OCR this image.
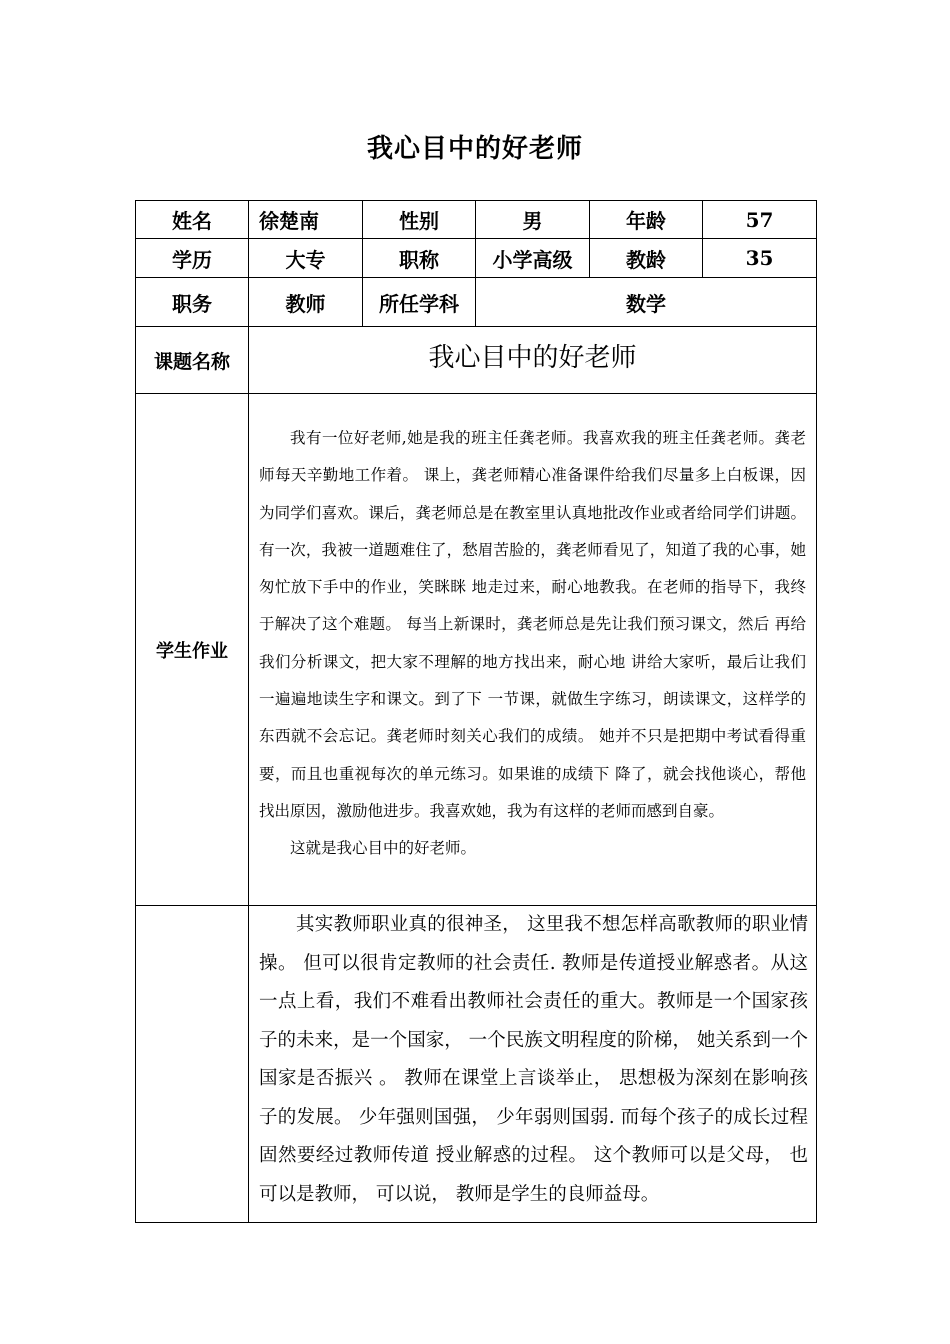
我心目中的好老师
姓名	徐楚南	性别	男	年龄	57
学历	大专	职称	小学高级	教龄	35
职务	教师	所任学科	数学		
课题名称	我心目中的好老师				
学生作业	我有一位好老师,她是我的班主任龚老师。我喜欢我的班主任龚老师。龚老师每天辛勤地工作着。 课上，龚老师精心准备课件给我们尽量多上白板课，因为同学们喜欢。课后，龚老师总是在教室里认真地批改作业或者给同学们讲题。有一次，我被一道题难住了，愁眉苦脸的，龚老师看见了，知道了我的心事，她匆忙放下手中的作业，笑眯眯 地走过来，耐心地教我。在老师的指导下，我终于解决了这个难题。 每当上新课时，龚老师总是先让我们预习课文，然后 再给我们分析课文，把大家不理解的地方找出来，耐心地 讲给大家听，最后让我们一遍遍地读生字和课文。到了下 一节课，就做生字练习，朗读课文，这样学的东西就不会忘记。龚老师时刻关心我们的成绩。 她并不只是把期中考试看得重要，而且也重视每次的单元练习。如果谁的成绩下 降了，就会找他谈心，帮他找出原因，激励他进步。我喜欢她，我为有这样的老师而感到自豪。

这就是我心目中的好老师。				

	其实教师职业真的很神圣， 这里我不想怎样高歌教师的职业情操。 但可以很肯定教师的社会责任. 教师是传道授业解惑者。从这一点上看，我们不难看出教师社会责任的重大。教师是一个国家孩子的未来，是一个国家， 一个民族文明程度的阶梯， 她关系到一个国家是否振兴 。 教师在课堂上言谈举止， 思想极为深刻在影响孩子的发展。 少年强则国强， 少年弱则国弱. 而每个孩子的成长过程固然要经过教师传道 授业解惑的过程。 这个教师可以是父母， 也可以是教师， 可以说， 教师是学生的良师益母。				
